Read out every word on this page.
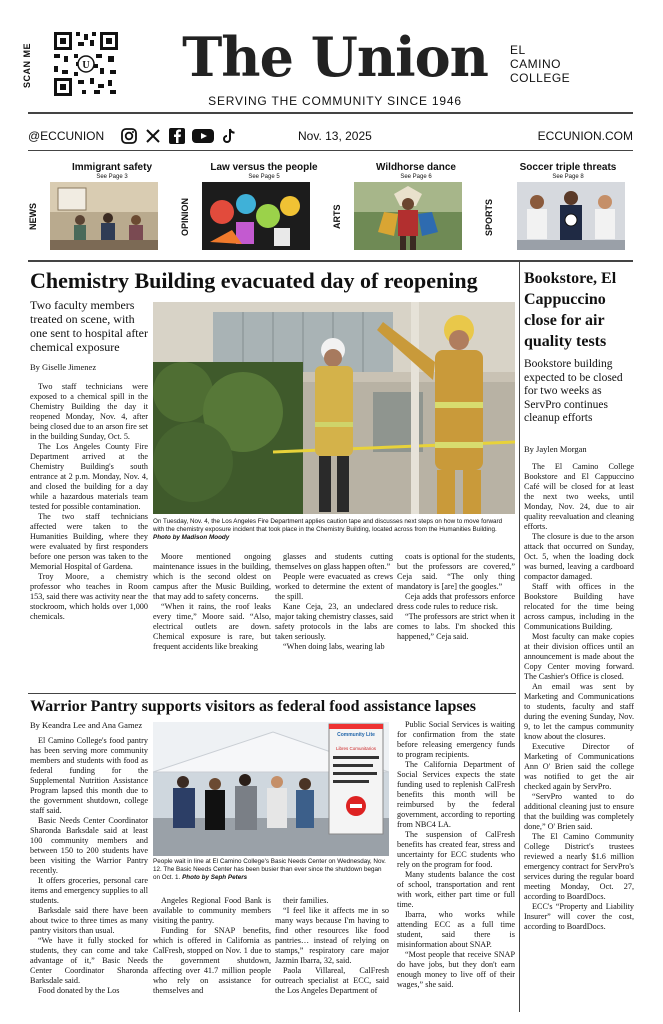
SCAN ME	U The Union	EL
CAMINO
COLLEGE
SERVING THE COMMUNITY SINCE 1946
@ECCUNION	Nov. 13, 2025	ECCUNION.COM
NEWS
Immigrant safety
See Page 3
OPINION
Law versus the people
See Page 5
ARTS
Wildhorse dance
See Page 6
SPORTS
Soccer triple threats
See Page 8
Chemistry Building evacuated day of reopening
Two faculty members treated on scene, with one sent to hospital after chemical exposure
By Giselle Jimenez

Two staff technicians were exposed to a chemical spill in the Chemistry Building the day it reopened Monday, Nov. 4, after being closed due to an arson fire set in the building Sunday, Oct. 5.

The Los Angeles County Fire Department arrived at the Chemistry Building's south entrance at 2 p.m. Monday, Nov. 4, and closed the building for a day while a hazardous materials team tested for possible contamination.

The two staff technicians affected were taken to the Humanities Building, where they were evaluated by first responders before one person was taken to the Memorial Hospital of Gardena.

Troy Moore, a chemistry professor who teaches in Room 153, said there was activity near the stockroom, which holds over 1,000 chemicals.

On Tuesday, Nov. 4, the Los Angeles Fire Department applies caution tape and discusses next steps on how to move forward with the chemistry exposure incident that took place in the Chemistry Building, located across from the Humanities Building. Photo by Madison Moody

Moore mentioned ongoing maintenance issues in the building, which is the second oldest on campus after the Music Building, that may add to safety concerns.

“When it rains, the roof leaks every time,” Moore said. “Also, electrical outlets are down. Chemical exposure is rare, but frequent accidents like breaking

glasses and students cutting themselves on glass happen often.”

People were evacuated as crews worked to determine the extent of the spill.

Kane Ceja, 23, an undeclared major taking chemistry classes, said safety protocols in the labs are taken seriously.

“When doing labs, wearing lab

coats is optional for the students, but the professors are covered,” Ceja said. “The only thing mandatory is [are] the googles.”

Ceja adds that professors enforce dress code rules to reduce risk.

“The professors are strict when it comes to labs. I'm shocked this happened,” Ceja said.

Warrior Pantry supports visitors as federal food assistance lapses
By Keandra Lee and Ana Gamez

El Camino College's food pantry has been serving more community members and students with food as federal funding for the Supplemental Nutrition Assistance Program lapsed this month due to the government shutdown, college staff said.

Basic Needs Center Coordinator Sharonda Barksdale said at least 100 community members and between 150 to 200 students have been visiting the Warrior Pantry recently.

It offers groceries, personal care items and emergency supplies to all students.

Barksdale said there have been about twice to three times as many pantry visitors than usual.

“We have it fully stocked for students, they can come and take advantage of it,” Basic Needs Center Coordinator Sharonda Barksdale said.

Food donated by the Los

Community Lite
Libres Comunitarios
People wait in line at El Camino College's Basic Needs Center on Wednesday, Nov. 12. The Basic Needs Center has been busier than ever since the shutdown began on Oct. 1. Photo by Seph Peters

Angeles Regional Food Bank is available to community members visiting the pantry.

Funding for SNAP benefits, which is offered in California as CalFresh, stopped on Nov. 1 due to the government shutdown, affecting over 41.7 million people who rely on assistance for themselves and

their families.

“I feel like it affects me in so many ways because I'm having to find other resources like food pantries… instead of relying on stamps,” respiratory care major Jazmin Ibarra, 32, said.

Paola Villareal, CalFresh outreach specialist at ECC, said the Los Angeles Department of

Public Social Services is waiting for confirmation from the state before releasing emergency funds to program recipients.

The California Department of Social Services expects the state funding used to replenish CalFresh benefits this month will be reimbursed by the federal government, according to reporting from NBC4 LA.

The suspension of CalFresh benefits has created fear, stress and uncertainty for ECC students who rely on the program for food.

Many students balance the cost of school, transportation and rent with work, either part time or full time.

Ibarra, who works while attending ECC as a full time student, said there is misinformation about SNAP.

“Most people that receive SNAP do have jobs, but they don't earn enough money to live off of their wages,” she said.

Bookstore, El Cappuccino close for air quality tests
Bookstore building expected to be closed for two weeks as ServPro continues cleanup efforts
By Jaylen Morgan

The El Camino College Bookstore and El Cappuccino Café will be closed for at least the next two weeks, until Monday, Nov. 24, due to air quality reevaluation and cleaning efforts.

The closure is due to the arson attack that occurred on Sunday, Oct. 5, when the loading dock was burned, leaving a cardboard compactor damaged.

Staff with offices in the Bookstore Building have relocated for the time being across campus, including in the Communications Building.

Most faculty can make copies at their division offices until an announcement is made about the Copy Center moving forward. The Cashier's Office is closed.

An email was sent by Marketing and Communications to students, faculty and staff during the evening Sunday, Nov. 9, to let the campus community know about the closures.

Executive Director of Marketing of Communications Ann O' Brien said the college was notified to get the air checked again by ServPro.

“ServPro wanted to do additional cleaning just to ensure that the building was completely done,” O' Brien said.

The El Camino Community College District's trustees reviewed a nearly $1.6 million emergency contract for ServPro's services during the regular board meeting Monday, Oct. 27, according to BoardDocs.

ECC's “Property and Liability Insurer” will cover the cost, according to BoardDocs.
